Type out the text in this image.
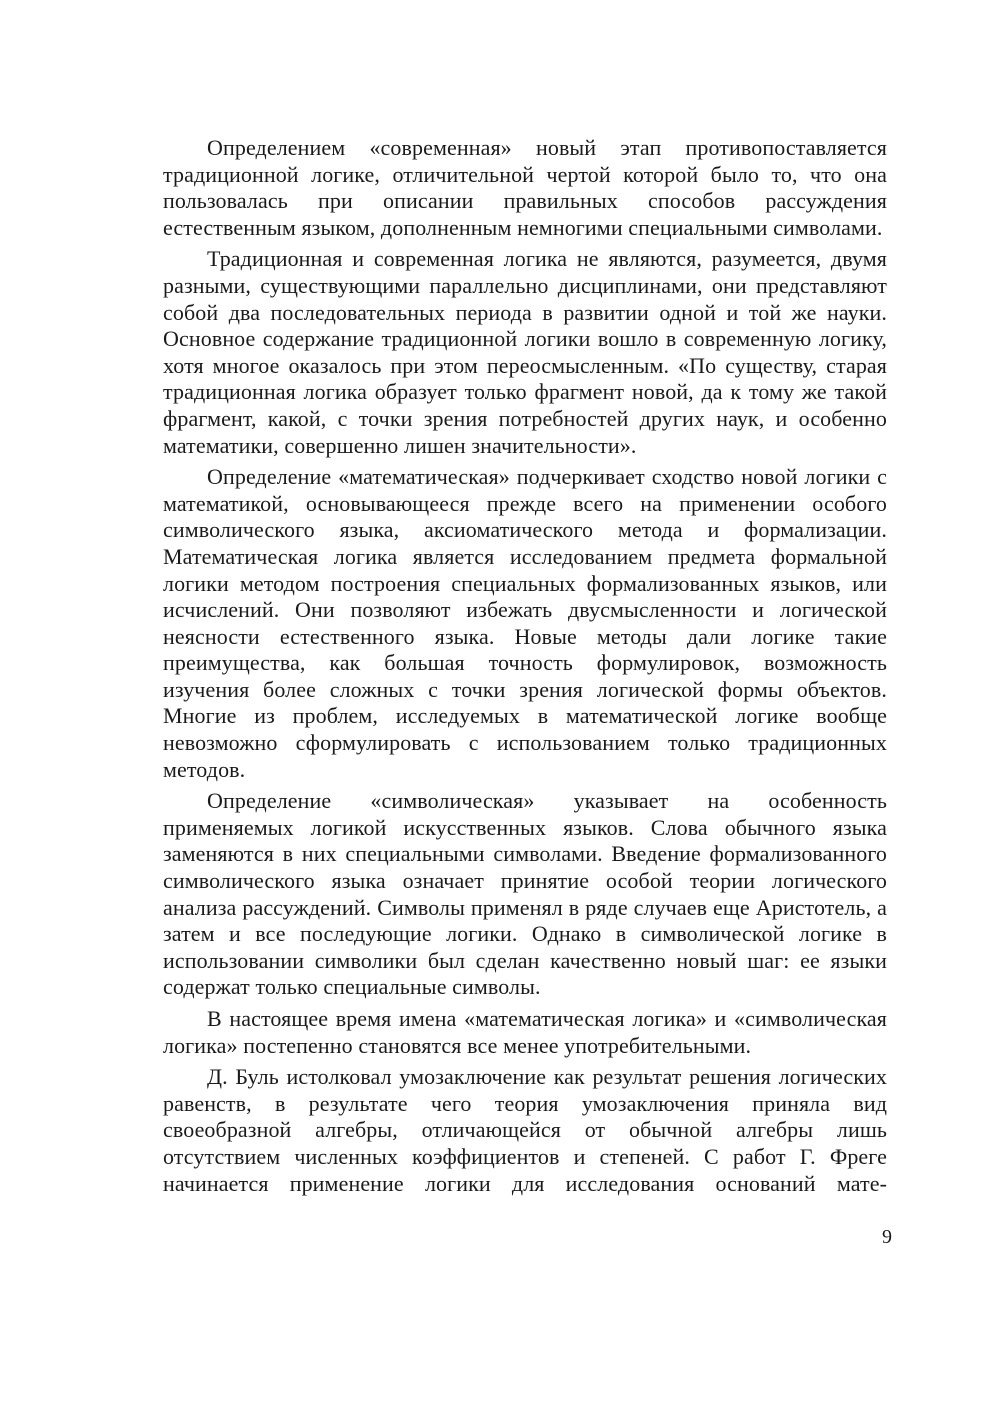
Определением «современная» новый этап противопоставляется традиционной логике, отличительной чертой которой было то, что она пользовалась при описании правильных способов рассуждения естественным языком, дополненным немногими специальными символами.

Традиционная и современная логика не являются, разумеется, двумя разными, существующими параллельно дисциплинами, они представляют собой два последовательных периода в развитии одной и той же науки. Основное содержание традиционной логики вошло в современную логику, хотя многое оказалось при этом переосмысленным. «По существу, старая традиционная логика образует только фрагмент новой, да к тому же такой фрагмент, какой, с точки зрения потребностей других наук, и особенно математики, совершенно лишен значительности».

Определение «математическая» подчеркивает сходство новой логики с математикой, основывающееся прежде всего на применении особого символического языка, аксиоматического метода и формализации. Математическая логика является исследованием предмета формальной логики методом построения специальных формализованных языков, или исчислений. Они позволяют избежать двусмысленности и логической неясности естественного языка. Новые методы дали логике такие преимущества, как большая точность формулировок, возможность изучения более сложных с точки зрения логической формы объектов. Многие из проблем, исследуемых в математической логике вообще невозможно сформулировать с использованием только традиционных методов.

Определение «символическая» указывает на особенность применяемых логикой искусственных языков. Слова обычного языка заменяются в них специальными символами. Введение формализованного символического языка означает принятие особой теории логического анализа рассуждений. Символы применял в ряде случаев еще Аристотель, а затем и все последующие логики. Однако в символической логике в использовании символики был сделан качественно новый шаг: ее языки содержат только специальные символы.

В настоящее время имена «математическая логика» и «символическая логика» постепенно становятся все менее употребительными.

Д. Буль истолковал умозаключение как результат решения логических равенств, в результате чего теория умозаключения приняла вид своеобразной алгебры, отличающейся от обычной алгебры лишь отсутствием численных коэффициентов и степеней. С работ Г. Фреге начинается применение логики для исследования оснований мате-

9
